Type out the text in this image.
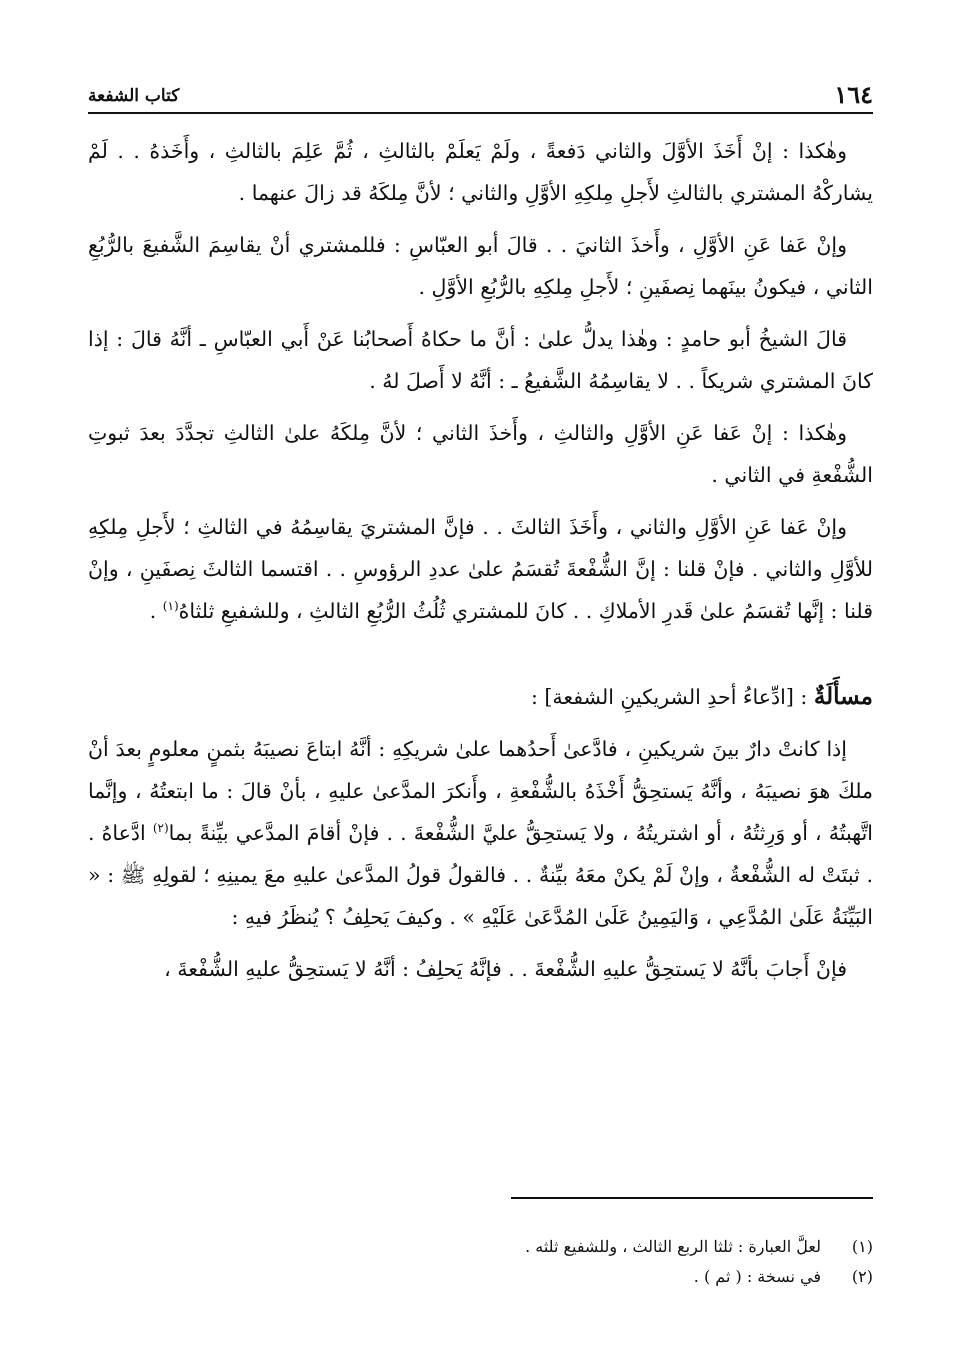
١٦٤
كتاب الشفعة

وهٰكذا : إنْ أَخَذَ الأوَّلَ والثاني دَفعةً ، ولَمْ يَعلَمْ بالثالثِ ، ثُمَّ عَلِمَ بالثالثِ ، وأَخَذهُ . . لَمْ يشاركْهُ المشتري بالثالثِ لأَجلِ مِلكِهِ الأوَّلِ والثاني ؛ لأنَّ مِلكَهُ قد زالَ عنهما .

وإنْ عَفا عَنِ الأوَّلِ ، وأَخذَ الثانيَ . . قالَ أبو العبّاسِ : فللمشتري أنْ يقاسِمَ الشَّفيعَ بالرُّبُعِ الثاني ، فيكونُ بينَهما نِصفَينِ ؛ لأَجلِ مِلكِهِ بالرُّبُعِ الأوَّلِ .

قالَ الشيخُ أبو حامدٍ : وهٰذا يدلُّ علىٰ : أنَّ ما حكاهُ أَصحابُنا عَنْ أَبي العبّاسِ ـ أنَّهُ قالَ : إذا كانَ المشتري شريكاً . . لا يقاسِمُهُ الشَّفيعُ ـ : أنَّهُ لا أَصلَ لهُ .

وهٰكذا : إنْ عَفا عَنِ الأوَّلِ والثالثِ ، وأَخذَ الثاني ؛ لأنَّ مِلكَهُ علىٰ الثالثِ تجدَّدَ بعدَ ثبوتِ الشُّفْعةِ في الثاني .

وإنْ عَفا عَنِ الأوَّلِ والثاني ، وأَخَذَ الثالثَ . . فإنَّ المشتريَ يقاسِمُهُ في الثالثِ ؛ لأَجلِ مِلكِهِ للأوَّلِ والثاني . فإنْ قلنا : إنَّ الشُّفْعةَ تُقسَمُ علىٰ عددِ الرؤوسِ . . اقتسما الثالثَ نِصفَينِ ، وإنْ قلنا : إنَّها تُقسَمُ علىٰ قَدرِ الأملاكِ . . كانَ للمشتري ثُلُثُ الرُّبُعِ الثالثِ ، وللشفيعِ ثلثاهُ$^{(١)}$ .

مسأَلَةٌ : [ادِّعاءُ أحدِ الشريكينِ الشفعة] :

إذا كانتْ دارٌ بينَ شريكينِ ، فادَّعىٰ أَحدُهما علىٰ شريكِهِ : أنَّهُ ابتاعَ نصيبَهُ بثمنٍ معلومٍ بعدَ أنْ ملكَ هوَ نصيبَهُ ، وأنَّهُ يَستحِقُّ أَخْذَهُ بالشُّفْعةِ ، وأَنكرَ المدَّعىٰ عليهِ ، بأنْ قالَ : ما ابتعتُهُ ، وإنَّما اتَّهبتُهُ ، أو وَرِثتُهُ ، أو اشتريتُهُ ، ولا يَستحِقُّ عليَّ الشُّفْعةَ . . فإنْ أقامَ المدَّعي بيِّنةً بما$^{(٢)}$ ادَّعاهُ . . ثبتَتْ له الشُّفْعةُ ، وإنْ لَمْ يكنْ معَهُ بيِّنةٌ . . فالقولُ قولُ المدَّعىٰ عليهِ معَ يمينِهِ ؛ لقولِهِ ﷺ : « البَيِّنَةُ عَلَىٰ المُدَّعِي ، وَاليَمِينُ عَلَىٰ المُدَّعَىٰ عَلَيْهِ » . وكيفَ يَحلِفُ ؟ يُنظَرُ فيهِ :

فإنْ أَجابَ بأنَّهُ لا يَستحِقُّ عليهِ الشُّفْعةَ . . فإنَّهُ يَحلِفُ : أنَّهُ لا يَستحِقُّ عليهِ الشُّفْعةَ ،

(١)لعلَّ العبارة : ثلثا الربع الثالث ، وللشفيع ثلثه .

(٢)في نسخة : ( ثم ) .
